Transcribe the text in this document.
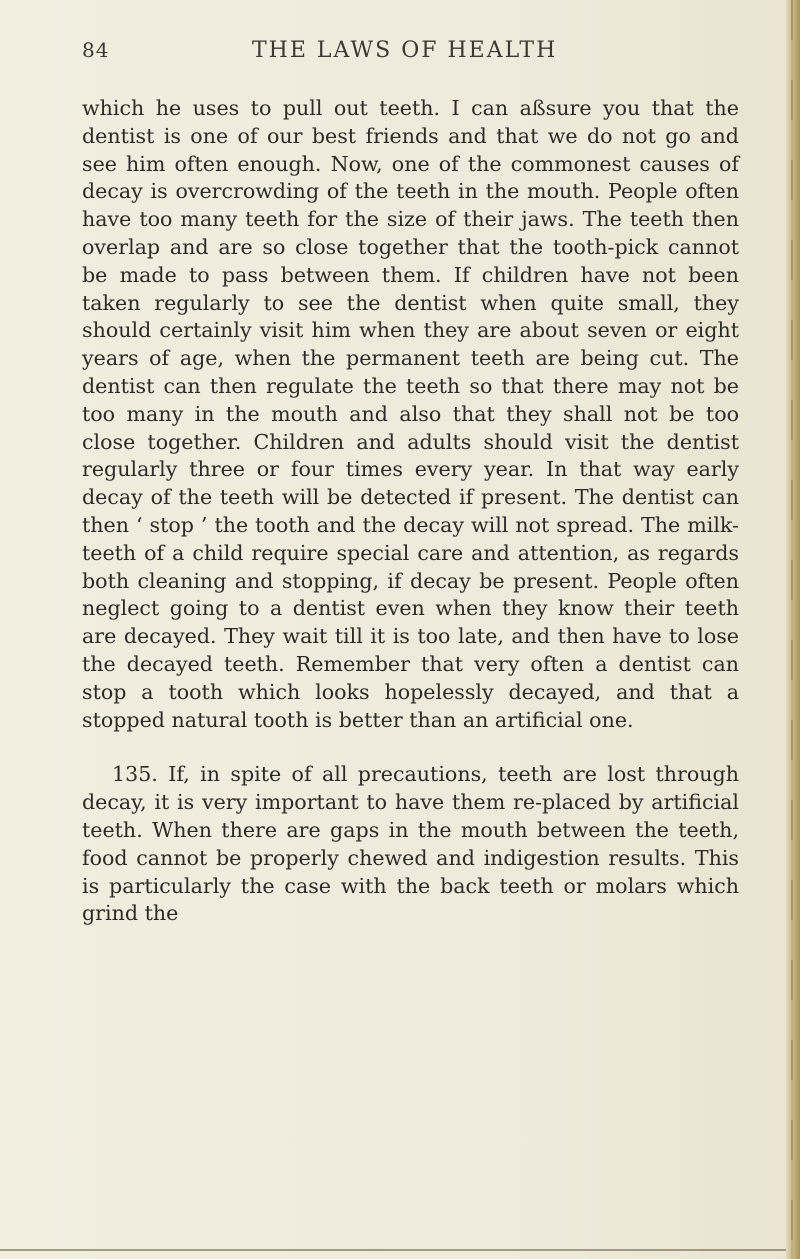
84	THE LAWS OF HEALTH

which he uses to pull out teeth. I can aßsure you that the dentist is one of our best friends and that we do not go and see him often enough. Now, one of the commonest causes of decay is overcrowding of the teeth in the mouth. People often have too many teeth for the size of their jaws. The teeth then overlap and are so close together that the tooth-pick cannot be made to pass between them. If children have not been taken regularly to see the dentist when quite small, they should certainly visit him when they are about seven or eight years of age, when the permanent teeth are being cut. The dentist can then regulate the teeth so that there may not be too many in the mouth and also that they shall not be too close together. Children and adults should visit the dentist regularly three or four times every year. In that way early decay of the teeth will be detected if present. The dentist can then ‘ stop ’ the tooth and the decay will not spread. The milk-teeth of a child require special care and attention, as regards both cleaning and stopping, if decay be present. People often neglect going to a dentist even when they know their teeth are decayed. They wait till it is too late, and then have to lose the decayed teeth. Remember that very often a dentist can stop a tooth which looks hopelessly decayed, and that a stopped natural tooth is better than an artificial one.

135. If, in spite of all precautions, teeth are lost through decay, it is very important to have them re-placed by artificial teeth. When there are gaps in the mouth between the teeth, food cannot be properly chewed and indigestion results. This is particularly the case with the back teeth or molars which grind the
